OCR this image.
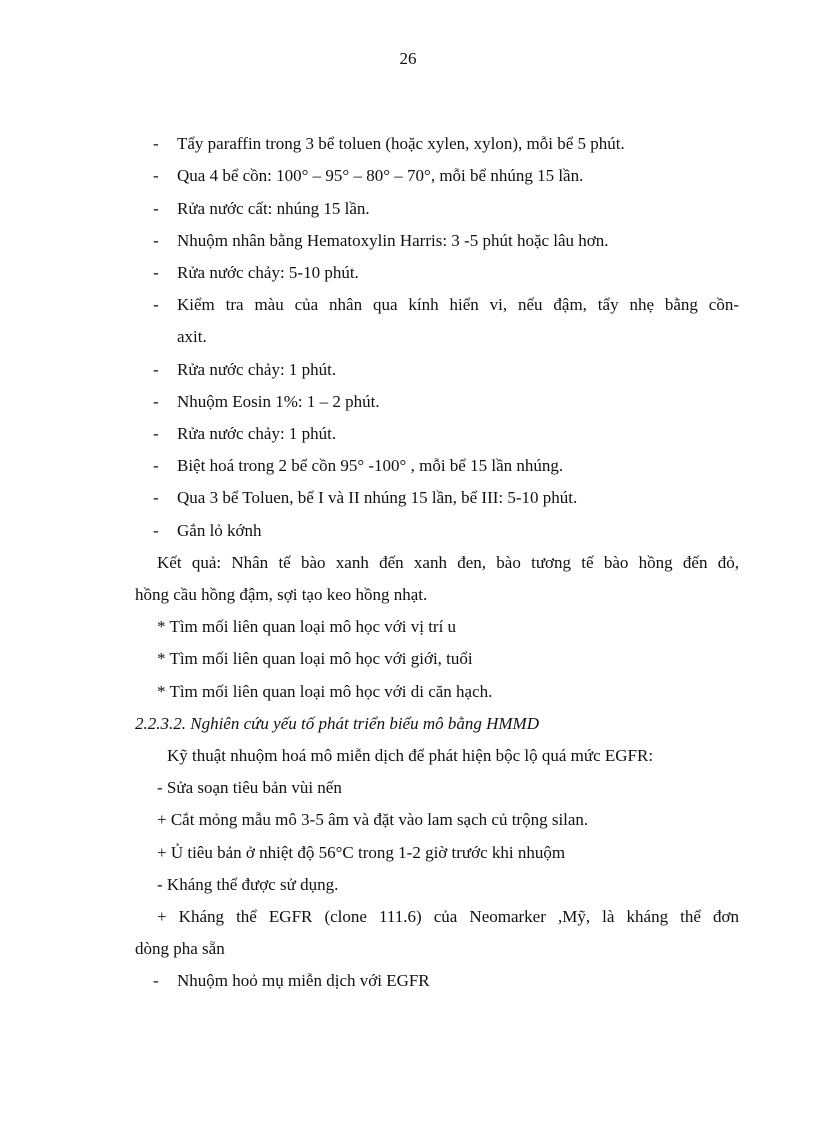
26
- Tẩy paraffin trong 3 bể toluen (hoặc xylen, xylon), mỗi bể 5 phút.
- Qua 4 bể cồn: 100° – 95° – 80° – 70°, mỗi bể nhúng 15 lần.
- Rửa nước cất: nhúng 15 lần.
- Nhuộm nhân bằng Hematoxylin Harris: 3 -5 phút hoặc lâu hơn.
- Rửa nước chảy: 5-10 phút.
- Kiểm tra màu của nhân qua kính hiển vi, nếu đậm, tẩy nhẹ bằng cồn-
axit.
- Rửa nước chảy: 1 phút.
- Nhuộm Eosin 1%: 1 – 2 phút.
- Rửa nước chảy: 1 phút.
- Biệt hoá trong 2 bể cồn 95° -100° , mỗi bể 15 lần nhúng.
- Qua 3 bể Toluen, bể I và II nhúng 15 lần, bể III: 5-10 phút.
- Gắn lỏ kớnh
Kết quả: Nhân tế bào xanh đến xanh đen, bào tương tế bào hồng đến đỏ,
hồng cầu hồng đậm, sợi tạo keo hồng nhạt.
* Tìm mối liên quan loại mô học với vị trí u
* Tìm mối liên quan loại mô học với giới, tuổi
* Tìm mối liên quan loại mô học với di căn hạch.
2.2.3.2. Nghiên cứu yếu tố phát triển biểu mô bằng HMMD
Kỹ thuật nhuộm hoá mô miễn dịch để phát hiện bộc lộ quá mức EGFR:
- Sửa soạn tiêu bản vùi nến
+ Cắt mỏng mẫu mô 3-5 âm và đặt vào lam sạch củ trộng silan.
+ Ủ tiêu bản ở nhiệt độ 56°C trong 1-2 giờ trước khi nhuộm
- Kháng thể được sử dụng.
+ Kháng thể EGFR (clone 111.6) của Neomarker ,Mỹ, là kháng thể đơn
dòng pha sẵn
- Nhuộm hoỏ mụ miễn dịch với EGFR
